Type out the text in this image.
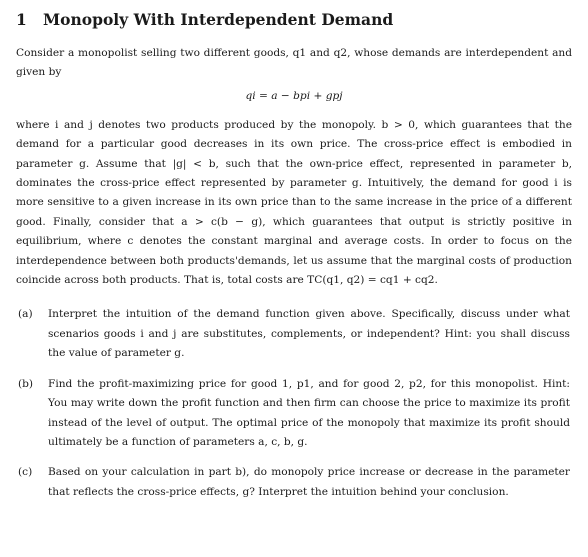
1 Monopoly With Interdependent Demand

Consider a monopolist selling two different goods, q1 and q2, whose demands are interdependent and given by

qi = a − bpi + gpj

where i and j denotes two products produced by the monopoly. b > 0, which guarantees that the demand for a particular good decreases in its own price. The cross-price effect is embodied in parameter g. Assume that |g| < b, such that the own-price effect, represented in parameter b, dominates the cross-price effect represented by parameter g. Intuitively, the demand for good i is more sensitive to a given increase in its own price than to the same increase in the price of a different good. Finally, consider that a > c(b − g), which guarantees that output is strictly positive in equilibrium, where c denotes the constant marginal and average costs. In order to focus on the interdependence between both products'demands, let us assume that the marginal costs of production coincide across both products. That is, total costs are TC(q1, q2) = cq1 + cq2.

(a)	Interpret the intuition of the demand function given above. Specifically, discuss under what scenarios goods i and j are substitutes, complements, or independent? Hint: you shall discuss the value of parameter g.
(b)	Find the profit-maximizing price for good 1, p1, and for good 2, p2, for this monopolist. Hint: You may write down the profit function and then firm can choose the price to maximize its profit instead of the level of output. The optimal price of the monopoly that maximize its profit should ultimately be a function of parameters a, c, b, g.
(c)	Based on your calculation in part b), do monopoly price increase or decrease in the parameter that reflects the cross-price effects, g? Interpret the intuition behind your conclusion.
